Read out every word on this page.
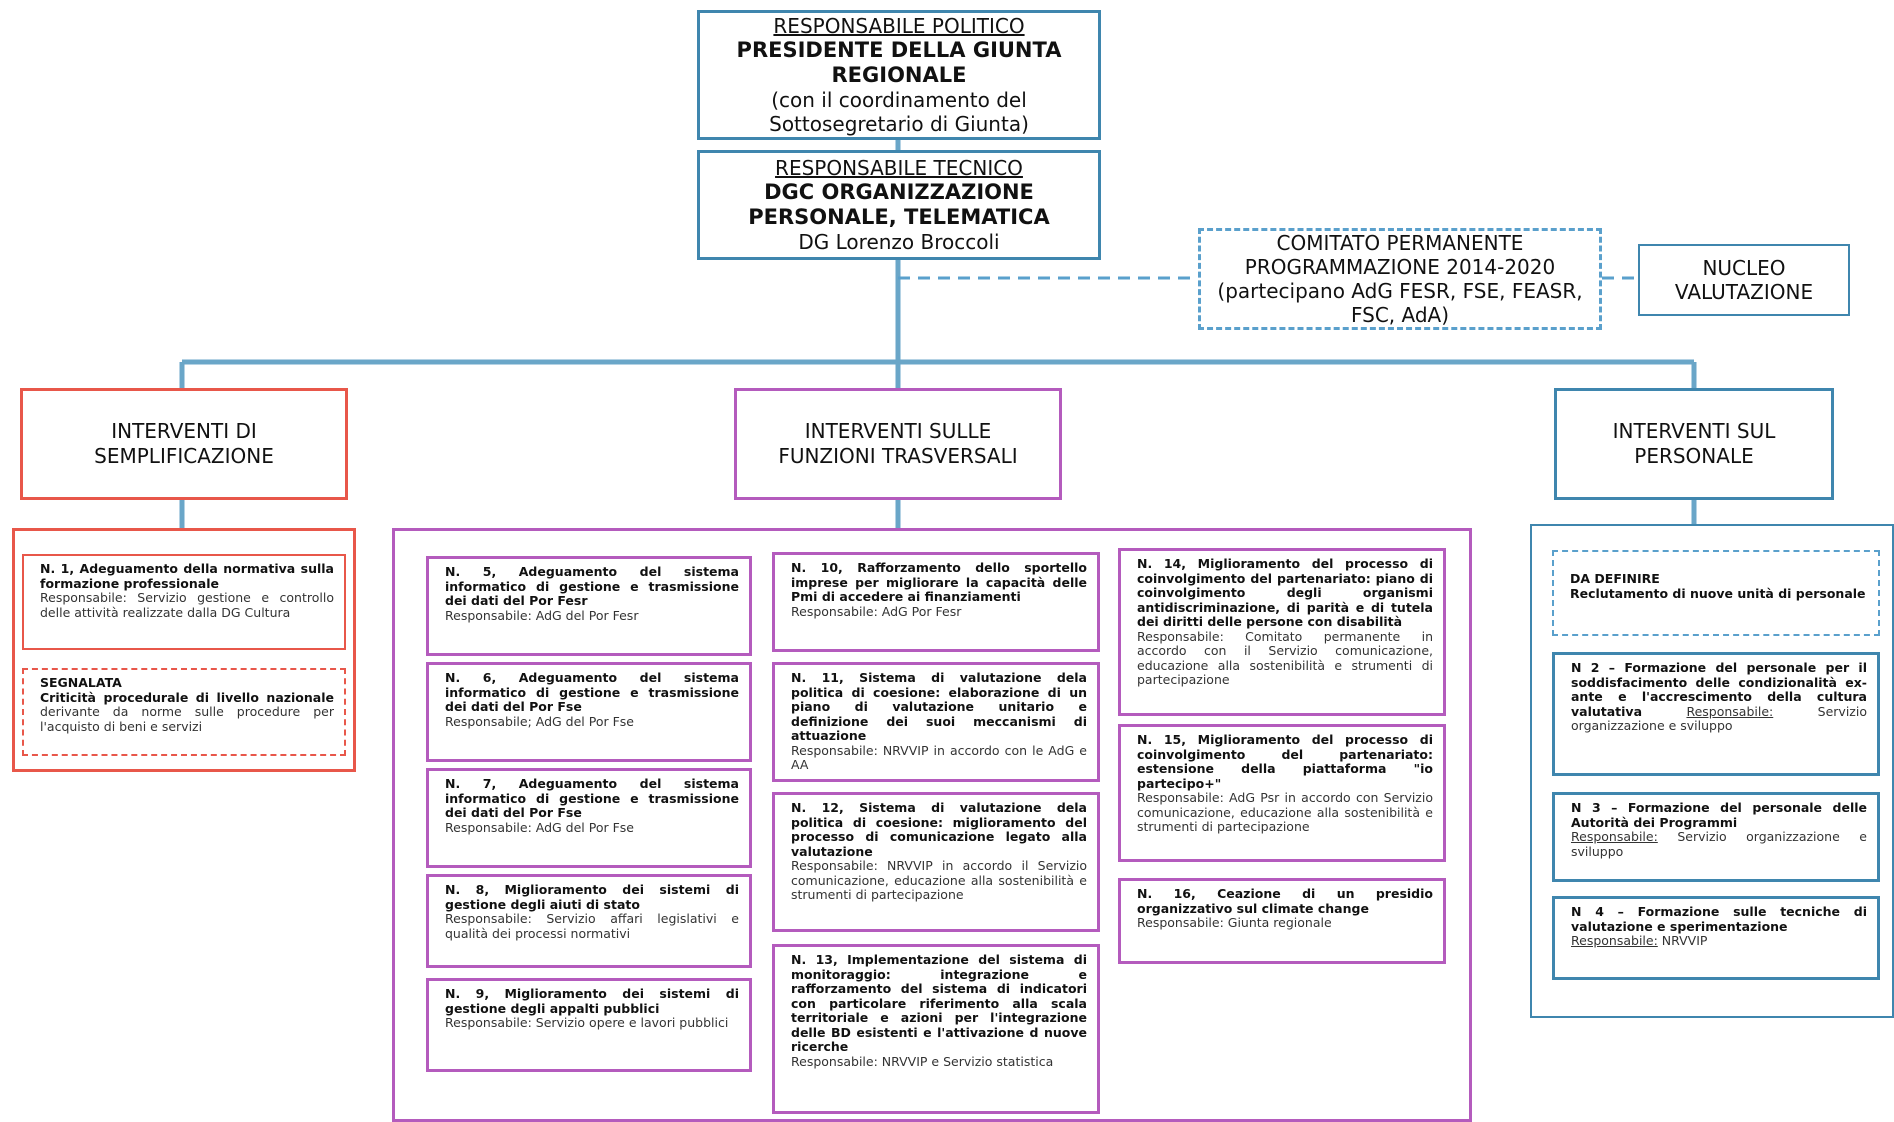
RESPONSABILE POLITICO
PRESIDENTE DELLA GIUNTA REGIONALE
(con il coordinamento del Sottosegretario di Giunta)
RESPONSABILE TECNICO
DGC ORGANIZZAZIONE PERSONALE, TELEMATICA
DG Lorenzo Broccoli	COMITATO PERMANENTE PROGRAMMAZIONE 2014-2020 (partecipano AdG FESR, FSE, FEASR, FSC, AdA)
NUCLEO VALUTAZIONE
INTERVENTI DI SEMPLIFICAZIONE
INTERVENTI SULLE FUNZIONI TRASVERSALI
INTERVENTI SUL PERSONALE
N. 1, Adeguamento della normativa sulla formazione professionale
Responsabile: Servizio gestione e controllo delle attività realizzate dalla DG Cultura
SEGNALATA
Criticità procedurale di livello nazionale derivante da norme sulle procedure per l'acquisto di beni e servizi
N. 5, Adeguamento del sistema informatico di gestione e trasmissione dei dati del Por Fesr
Responsabile: AdG del Por Fesr
N. 6, Adeguamento del sistema informatico di gestione e trasmissione dei dati del Por Fse
Responsabile; AdG del Por Fse
N. 7, Adeguamento del sistema informatico di gestione e trasmissione dei dati del Por Fse
Responsabile: AdG del Por Fse
N. 8, Miglioramento dei sistemi di gestione degli aiuti di stato
Responsabile: Servizio affari legislativi e qualità dei processi normativi
N. 9, Miglioramento dei sistemi di gestione degli appalti pubblici
Responsabile: Servizio opere e lavori pubblici
N. 10, Rafforzamento dello sportello imprese per migliorare la capacità delle Pmi di accedere ai finanziamenti
Responsabile: AdG Por Fesr
N. 11, Sistema di valutazione dela politica di coesione: elaborazione di un piano di valutazione unitario e definizione dei suoi meccanismi di attuazione
Responsabile: NRVVIP in accordo con le AdG e AA
N. 12, Sistema di valutazione dela politica di coesione: miglioramento del processo di comunicazione legato alla valutazione
Responsabile: NRVVIP in accordo il Servizio comunicazione, educazione alla sostenibilità e strumenti di partecipazione
N. 13, Implementazione del sistema di monitoraggio: integrazione e rafforzamento del sistema di indicatori con particolare riferimento alla scala territoriale e azioni per l'integrazione delle BD esistenti e l'attivazione d nuove ricerche
Responsabile: NRVVIP e Servizio statistica
N. 14, Miglioramento del processo di coinvolgimento del partenariato: piano di coinvolgimento degli organismi antidiscriminazione, di parità e di tutela dei diritti delle persone con disabilità
Responsabile: Comitato permanente in accordo con il Servizio comunicazione, educazione alla sostenibilità e strumenti di partecipazione
N. 15, Miglioramento del processo di coinvolgimento del partenariato: estensione della piattaforma "io partecipo+"
Responsabile: AdG Psr in accordo con Servizio comunicazione, educazione alla sostenibilità e strumenti di partecipazione
N. 16, Ceazione di un presidio organizzativo sul climate change
Responsabile: Giunta regionale
DA DEFINIRE
Reclutamento di nuove unità di personale
N 2 – Formazione del personale per il soddisfacimento delle condizionalità ex-ante e l'accrescimento della cultura valutativa	Responsabile:	Servizio organizzazione e sviluppo
N 3 – Formazione del personale delle Autorità dei Programmi
Responsabile: Servizio organizzazione e sviluppo
N 4 – Formazione sulle tecniche di valutazione e sperimentazione
Responsabile: NRVVIP
